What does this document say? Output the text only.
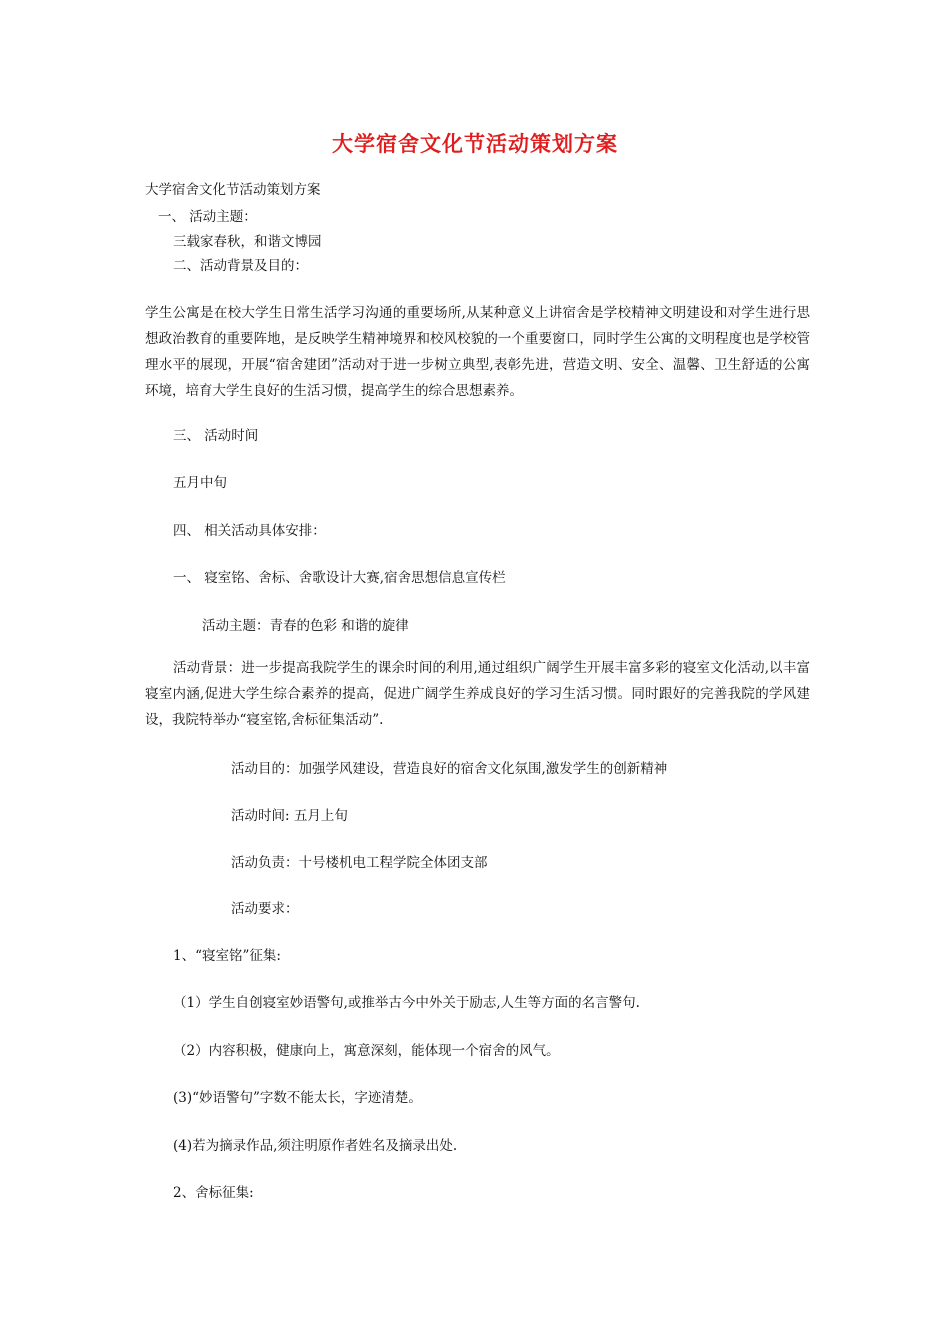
大学宿舍文化节活动策划方案
大学宿舍文化节活动策划方案
一、 活动主题：
三载家春秋，和谐文博园
二、活动背景及目的：
学生公寓是在校大学生日常生活学习沟通的重要场所,从某种意义上讲宿舍是学校精神文明建设和对学生进行思想政治教育的重要阵地，是反映学生精神境界和校风校貌的一个重要窗口，同时学生公寓的文明程度也是学校管理水平的展现，开展“宿舍建团”活动对于进一步树立典型,表彰先进，营造文明、安全、温馨、卫生舒适的公寓环境，培育大学生良好的生活习惯，提高学生的综合思想素养。
三、 活动时间
五月中旬
四、 相关活动具体安排：
一、 寝室铭、舍标、舍歌设计大赛,宿舍思想信息宣传栏
活动主题：青春的色彩 和谐的旋律
活动背景：进一步提高我院学生的课余时间的利用,通过组织广阔学生开展丰富多彩的寝室文化活动,以丰富寝室内涵,促进大学生综合素养的提高，促进广阔学生养成良好的学习生活习惯。同时跟好的完善我院的学风建设，我院特举办“寝室铭,舍标征集活动”.
活动目的：加强学风建设，营造良好的宿舍文化氛围,激发学生的创新精神
活动时间: 五月上旬
活动负责：十号楼机电工程学院全体团支部
活动要求：
1、“寝室铭”征集:
（1）学生自创寝室妙语警句,或推举古今中外关于励志,人生等方面的名言警句.
（2）内容积极，健康向上，寓意深刻，能体现一个宿舍的风气。
(3)“妙语警句”字数不能太长，字迹清楚。
(4)若为摘录作品,须注明原作者姓名及摘录出处.
2、舍标征集:
